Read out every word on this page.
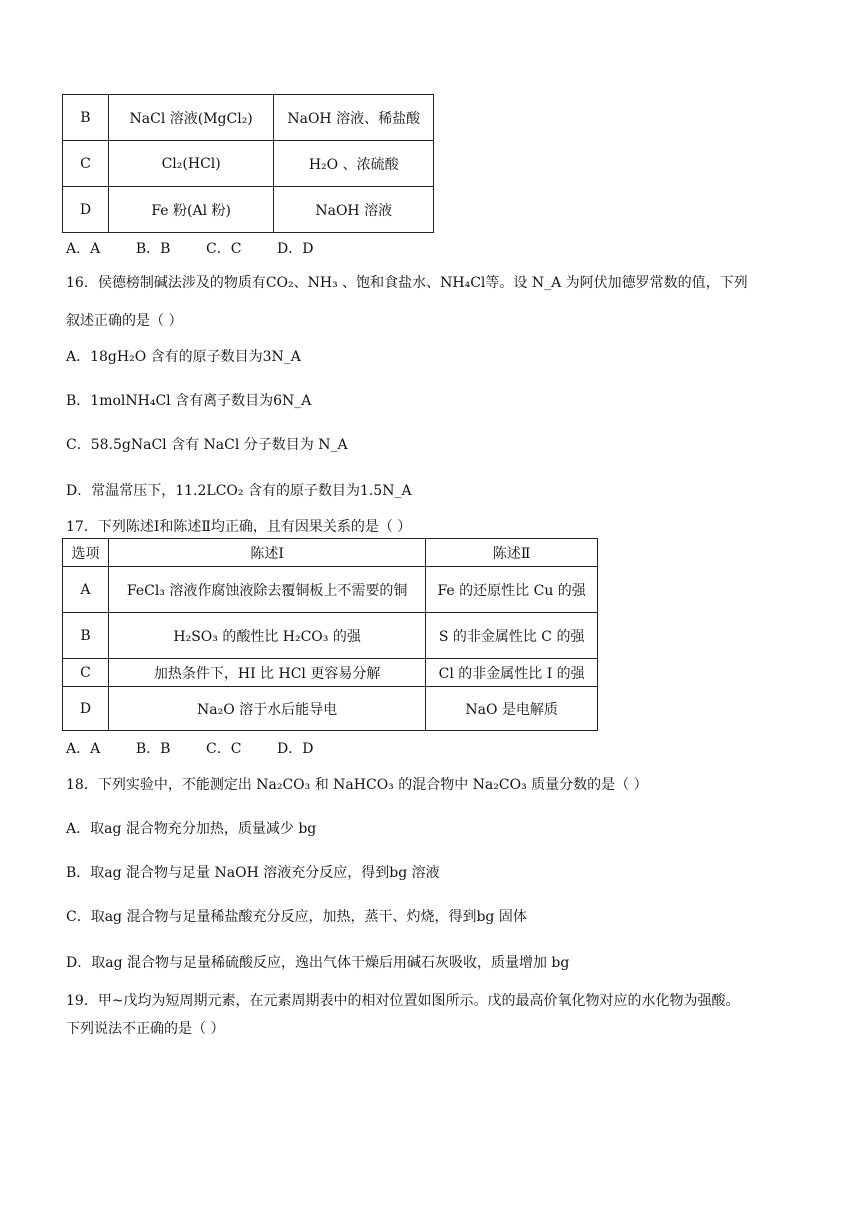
B	NaCl 溶液(MgCl₂)	NaOH 溶液、稀盐酸
C	Cl₂(HCl)	H₂O 、浓硫酸
D	Fe 粉(Al 粉)	NaOH 溶液
A．A        B．B        C．C        D．D
16．侯德榜制碱法涉及的物质有CO₂、NH₃ 、饱和食盐水、NH₄Cl等。设 N_A 为阿伏加德罗常数的值，下列
叙述正确的是（ ）
A．18gH₂O 含有的原子数目为3N_A
B．1molNH₄Cl 含有离子数目为6N_A
C．58.5gNaCl 含有 NaCl 分子数目为 N_A
D．常温常压下，11.2LCO₂ 含有的原子数目为1.5N_A
17．下列陈述Ⅰ和陈述Ⅱ均正确，且有因果关系的是（ ）
选项	陈述Ⅰ	陈述Ⅱ
A	FeCl₃ 溶液作腐蚀液除去覆铜板上不需要的铜	Fe 的还原性比 Cu 的强
B	H₂SO₃ 的酸性比 H₂CO₃ 的强	S 的非金属性比 C 的强
C	加热条件下，HI 比 HCl 更容易分解	Cl 的非金属性比 I 的强
D	Na₂O 溶于水后能导电	NaO 是电解质
A．A        B．B        C．C        D．D
18．下列实验中，不能测定出 Na₂CO₃ 和 NaHCO₃ 的混合物中 Na₂CO₃ 质量分数的是（ ）
A．取ag 混合物充分加热，质量减少 bg
B．取ag 混合物与足量 NaOH 溶液充分反应，得到bg 溶液
C．取ag 混合物与足量稀盐酸充分反应，加热，蒸干、灼烧，得到bg 固体
D．取ag 混合物与足量稀硫酸反应，逸出气体干燥后用碱石灰吸收，质量增加 bg
19．甲~戊均为短周期元素，在元素周期表中的相对位置如图所示。戊的最高价氧化物对应的水化物为强酸。
下列说法不正确的是（ ）
